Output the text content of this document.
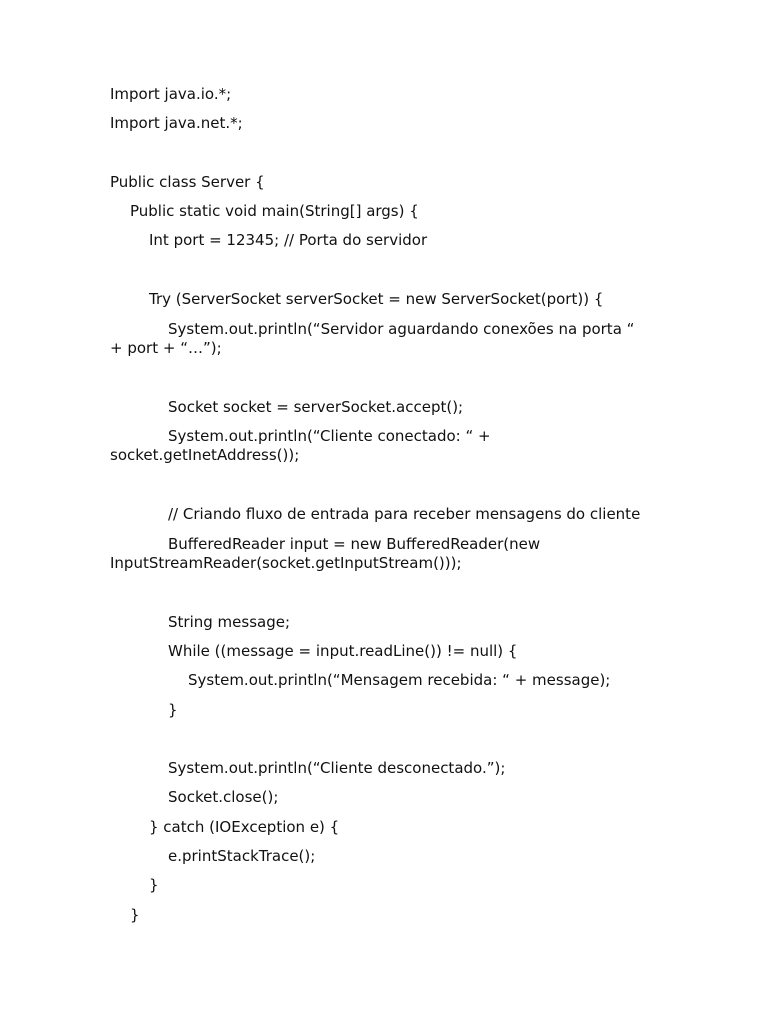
Import java.io.*;
Import java.net.*;
Public class Server {
Public static void main(String[] args) {
Int port = 12345; // Porta do servidor
Try (ServerSocket serverSocket = new ServerSocket(port)) {
System.out.println(“Servidor aguardando conexões na porta “
+ port + “…”);
Socket socket = serverSocket.accept();
System.out.println(“Cliente conectado: “ +
socket.getInetAddress());
// Criando fluxo de entrada para receber mensagens do cliente
BufferedReader input = new BufferedReader(new
InputStreamReader(socket.getInputStream()));
String message;
While ((message = input.readLine()) != null) {
System.out.println(“Mensagem recebida: “ + message);
}
System.out.println(“Cliente desconectado.”);
Socket.close();
} catch (IOException e) {
e.printStackTrace();
}
}
